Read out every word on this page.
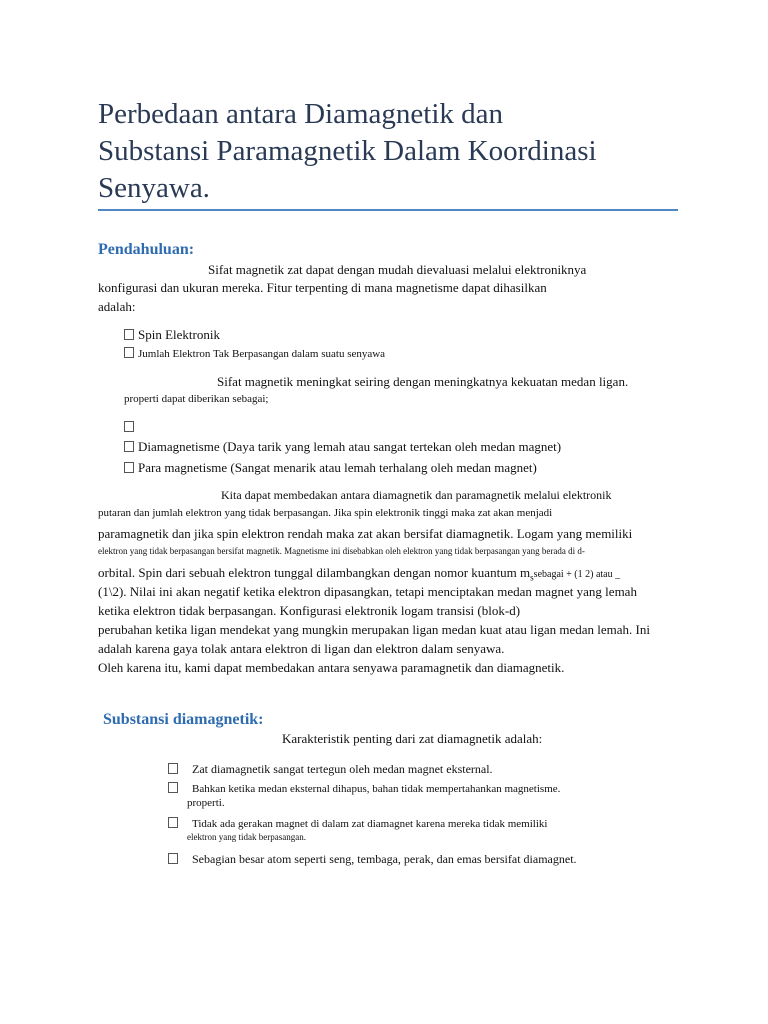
Perbedaan antara Diamagnetik dan
Substansi Paramagnetik Dalam Koordinasi
Senyawa.
Pendahuluan:
Sifat magnetik zat dapat dengan mudah dievaluasi melalui elektroniknya
konfigurasi dan ukuran mereka. Fitur terpenting di mana magnetisme dapat dihasilkan
adalah:
Spin Elektronik
Jumlah Elektron Tak Berpasangan dalam suatu senyawa
Sifat magnetik meningkat seiring dengan meningkatnya kekuatan medan ligan.
properti dapat diberikan sebagai;
Diamagnetisme (Daya tarik yang lemah atau sangat tertekan oleh medan magnet)
Para magnetisme (Sangat menarik atau lemah terhalang oleh medan magnet)
Kita dapat membedakan antara diamagnetik dan paramagnetik melalui elektronik
putaran dan jumlah elektron yang tidak berpasangan. Jika spin elektronik tinggi maka zat akan menjadi
paramagnetik dan jika spin elektron rendah maka zat akan bersifat diamagnetik. Logam yang memiliki
elektron yang tidak berpasangan bersifat magnetik. Magnetisme ini disebabkan oleh elektron yang tidak berpasangan yang berada di d-
orbital. Spin dari sebuah elektron tunggal dilambangkan dengan nomor kuantum $m_ssebagai + (1$ 2) atau _
(1\2). Nilai ini akan negatif ketika elektron dipasangkan, tetapi menciptakan medan magnet yang lemah
ketika elektron tidak berpasangan. Konfigurasi elektronik logam transisi (blok-d)
perubahan ketika ligan mendekat yang mungkin merupakan ligan medan kuat atau ligan medan lemah. Ini
adalah karena gaya tolak antara elektron di ligan dan elektron dalam senyawa.
Oleh karena itu, kami dapat membedakan antara senyawa paramagnetik dan diamagnetik.
Substansi diamagnetik:
Karakteristik penting dari zat diamagnetik adalah:
Zat diamagnetik sangat tertegun oleh medan magnet eksternal.
Bahkan ketika medan eksternal dihapus, bahan tidak mempertahankan magnetisme.
properti.
Tidak ada gerakan magnet di dalam zat diamagnet karena mereka tidak memiliki
elektron yang tidak berpasangan.
Sebagian besar atom seperti seng, tembaga, perak, dan emas bersifat diamagnet.
